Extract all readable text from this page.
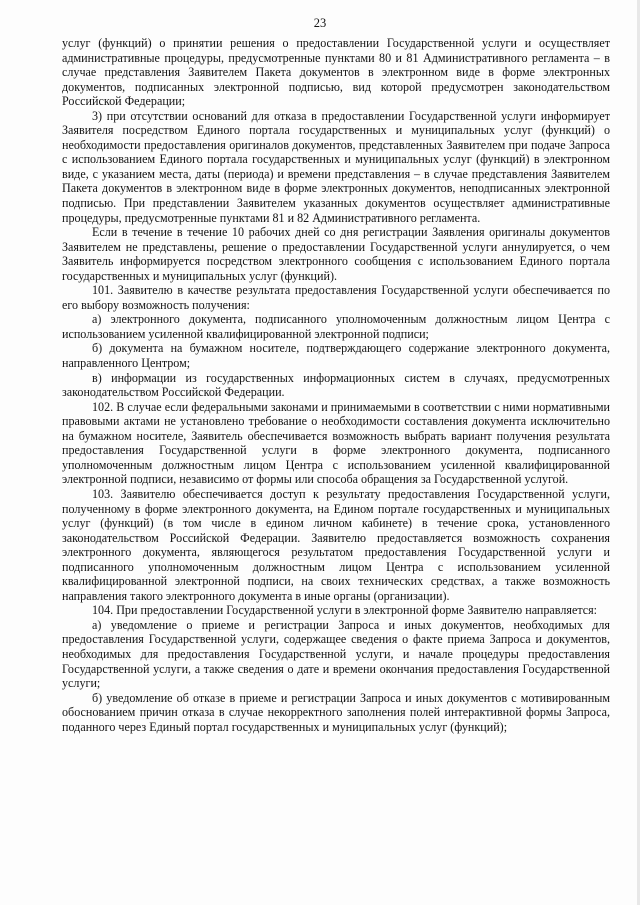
23

услуг (функций) о принятии решения о предоставлении Государственной услуги и осуществляет административные процедуры, предусмотренные пунктами 80 и 81 Административного регламента – в случае представления Заявителем Пакета документов в электронном виде в форме электронных документов, подписанных электронной подписью, вид которой предусмотрен законодательством Российской Федерации;

3) при отсутствии оснований для отказа в предоставлении Государственной услуги информирует Заявителя посредством Единого портала государственных и муниципальных услуг (функций) о необходимости предоставления оригиналов документов, представленных Заявителем при подаче Запроса с использованием Единого портала государственных и муниципальных услуг (функций) в электронном виде, с указанием места, даты (периода) и времени представления – в случае представления Заявителем Пакета документов в электронном виде в форме электронных документов, неподписанных электронной подписью. При представлении Заявителем указанных документов осуществляет административные процедуры, предусмотренные пунктами 81 и 82 Административного регламента.

Если в течение в течение 10 рабочих дней со дня регистрации Заявления оригиналы документов Заявителем не представлены, решение о предоставлении Государственной услуги аннулируется, о чем Заявитель информируется посредством электронного сообщения с использованием Единого портала государственных и муниципальных услуг (функций).

101. Заявителю в качестве результата предоставления Государственной услуги обеспечивается по его выбору возможность получения:

а) электронного документа, подписанного уполномоченным должностным лицом Центра с использованием усиленной квалифицированной электронной подписи;

б) документа на бумажном носителе, подтверждающего содержание электронного документа, направленного Центром;

в) информации из государственных информационных систем в случаях, предусмотренных законодательством Российской Федерации.

102. В случае если федеральными законами и принимаемыми в соответствии с ними нормативными правовыми актами не установлено требование о необходимости составления документа исключительно на бумажном носителе, Заявитель обеспечивается возможность выбрать вариант получения результата предоставления Государственной услуги в форме электронного документа, подписанного уполномоченным должностным лицом Центра с использованием усиленной квалифицированной электронной подписи, независимо от формы или способа обращения за Государственной услугой.

103. Заявителю обеспечивается доступ к результату предоставления Государственной услуги, полученному в форме электронного документа, на Едином портале государственных и муниципальных услуг (функций) (в том числе в едином личном кабинете) в течение срока, установленного законодательством Российской Федерации. Заявителю предоставляется возможность сохранения электронного документа, являющегося результатом предоставления Государственной услуги и подписанного уполномоченным должностным лицом Центра с использованием усиленной квалифицированной электронной подписи, на своих технических средствах, а также возможность направления такого электронного документа в иные органы (организации).

104. При предоставлении Государственной услуги в электронной форме Заявителю направляется:

а) уведомление о приеме и регистрации Запроса и иных документов, необходимых для предоставления Государственной услуги, содержащее сведения о факте приема Запроса и документов, необходимых для предоставления Государственной услуги, и начале процедуры предоставления Государственной услуги, а также сведения о дате и времени окончания предоставления Государственной услуги;

б) уведомление об отказе в приеме и регистрации Запроса и иных документов с мотивированным обоснованием причин отказа в случае некорректного заполнения полей интерактивной формы Запроса, поданного через Единый портал государственных и муниципальных услуг (функций);
